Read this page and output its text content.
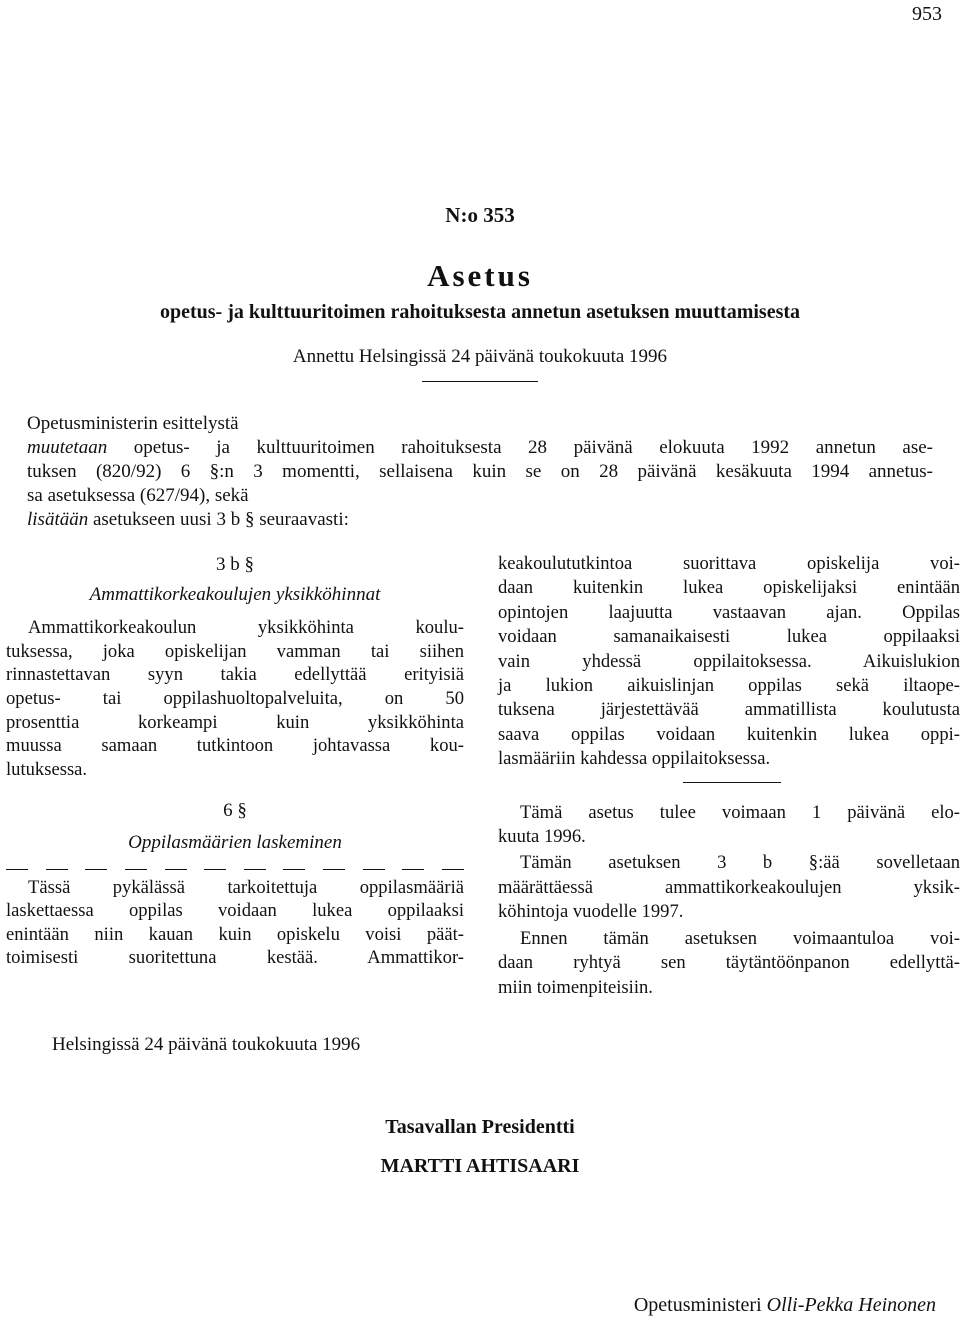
953
N:o 353
Asetus
opetus- ja kulttuuritoimen rahoituksesta annetun asetuksen muuttamisesta
Annettu Helsingissä 24 päivänä toukokuuta 1996
Opetusministerin esittelystä
muutetaan opetus- ja kulttuuritoimen rahoituksesta 28 päivänä elokuuta 1992 annetun ase-
tuksen (820/92) 6 §:n 3 momentti, sellaisena kuin se on 28 päivänä kesäkuuta 1994 annetus-
sa asetuksessa (627/94), sekä
lisätään asetukseen uusi 3 b § seuraavasti:
3 b §
Ammattikorkeakoulujen yksikköhinnat
Ammattikorkeakoulun yksikköhinta koulu-
tuksessa, joka opiskelijan vamman tai siihen
rinnastettavan syyn takia edellyttää erityisiä
opetus- tai oppilashuoltopalveluita, on 50
prosenttia korkeampi kuin yksikköhinta
muussa samaan tutkintoon johtavassa kou-
lutuksessa.
6 §
Oppilasmäärien laskeminen
Tässä pykälässä tarkoitettuja oppilasmääriä
laskettaessa oppilas voidaan lukea oppilaaksi
enintään niin kauan kuin opiskelu voisi päät-
toimisesti suoritettuna kestää. Ammattikor-
keakoulututkintoa suorittava opiskelija voi-
daan kuitenkin lukea opiskelijaksi enintään
opintojen laajuutta vastaavan ajan. Oppilas
voidaan samanaikaisesti lukea oppilaaksi
vain yhdessä oppilaitoksessa. Aikuislukion
ja lukion aikuislinjan oppilas sekä iltaope-
tuksena järjestettävää ammatillista koulutusta
saava oppilas voidaan kuitenkin lukea oppi-
lasmääriin kahdessa oppilaitoksessa.
Tämä asetus tulee voimaan 1 päivänä elo-
kuuta 1996.
Tämän asetuksen 3 b §:ää sovelletaan
määrättäessä ammattikorkeakoulujen yksik-
köhintoja vuodelle 1997.
Ennen tämän asetuksen voimaantuloa voi-
daan ryhtyä sen täytäntöönpanon edellyttä-
miin toimenpiteisiin.
Helsingissä 24 päivänä toukokuuta 1996
Tasavallan Presidentti
MARTTI AHTISAARI
Opetusministeri Olli-Pekka Heinonen
